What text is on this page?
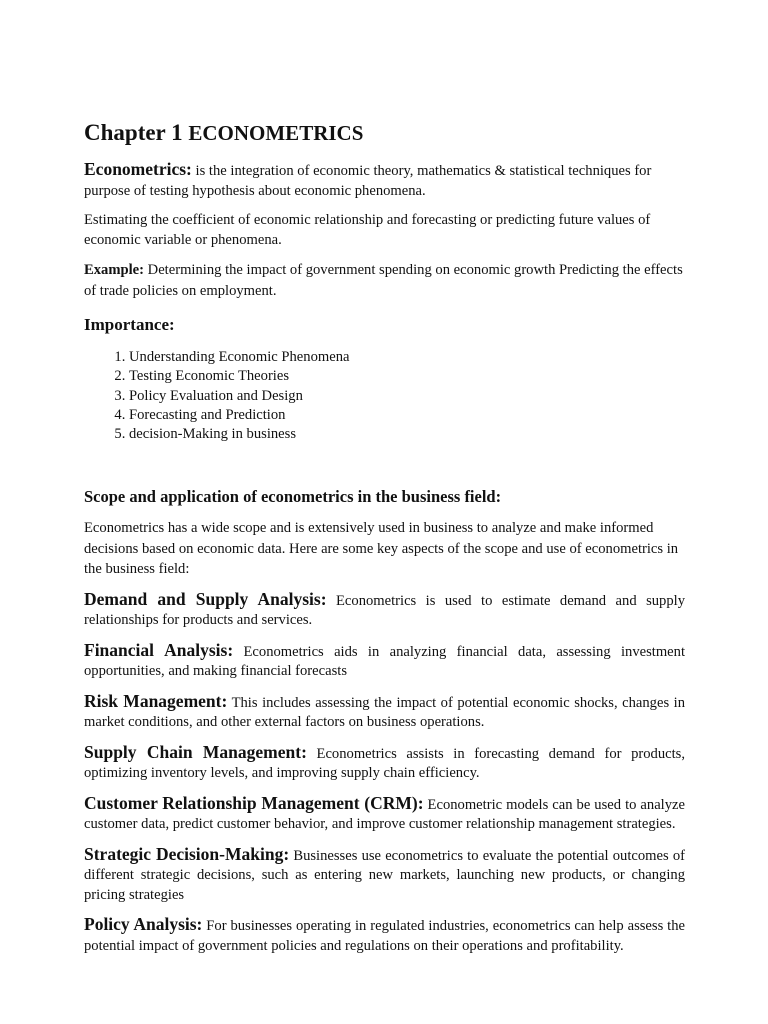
Chapter 1 ECONOMETRICS

Econometrics: is the integration of economic theory, mathematics & statistical techniques for purpose of testing hypothesis about economic phenomena.

Estimating the coefficient of economic relationship and forecasting or predicting future values of economic variable or phenomena.

Example: Determining the impact of government spending on economic growth Predicting the effects of trade policies on employment.

Importance:
1. Understanding Economic Phenomena
2. Testing Economic Theories
3. Policy Evaluation and Design
4. Forecasting and Prediction
5. decision-Making in business
Scope and application of econometrics in the business field:

Econometrics has a wide scope and is extensively used in business to analyze and make informed decisions based on economic data. Here are some key aspects of the scope and use of econometrics in the business field:

Demand and Supply Analysis: Econometrics is used to estimate demand and supply relationships for products and services.

Financial Analysis: Econometrics aids in analyzing financial data, assessing investment opportunities, and making financial forecasts

Risk Management: This includes assessing the impact of potential economic shocks, changes in market conditions, and other external factors on business operations.

Supply Chain Management: Econometrics assists in forecasting demand for products, optimizing inventory levels, and improving supply chain efficiency.

Customer Relationship Management (CRM): Econometric models can be used to analyze customer data, predict customer behavior, and improve customer relationship management strategies.

Strategic Decision-Making: Businesses use econometrics to evaluate the potential outcomes of different strategic decisions, such as entering new markets, launching new products, or changing pricing strategies

Policy Analysis: For businesses operating in regulated industries, econometrics can help assess the potential impact of government policies and regulations on their operations and profitability.
